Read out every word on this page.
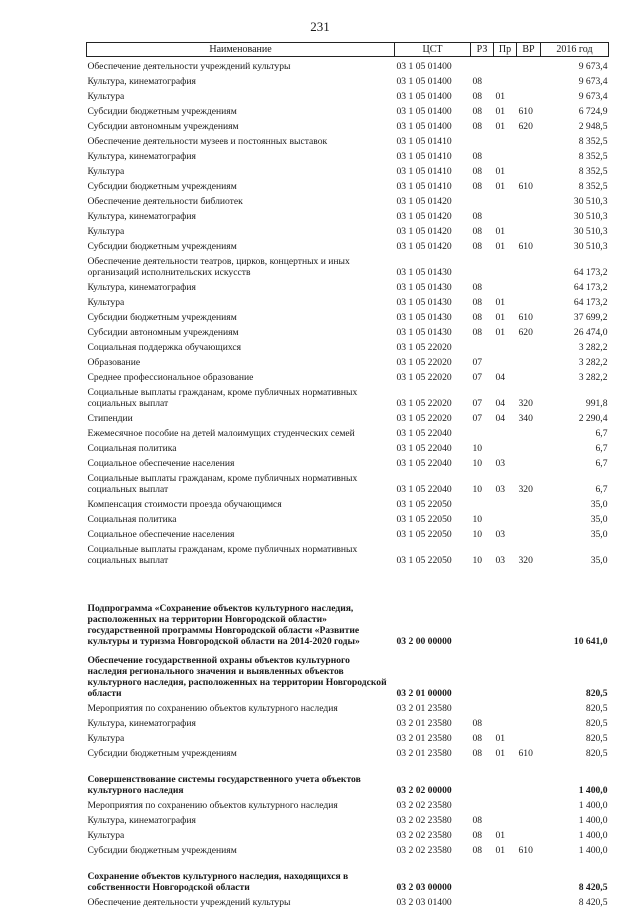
231
Наименование	ЦСТ	РЗ	Пр	ВР	2016 год
Обеспечение деятельности учреждений культуры	03 1 05 01400				9 673,4
Культура, кинематография	03 1 05 01400	08			9 673,4
Культура	03 1 05 01400	08	01		9 673,4
Субсидии бюджетным учреждениям	03 1 05 01400	08	01	610	6 724,9
Субсидии автономным учреждениям	03 1 05 01400	08	01	620	2 948,5
Обеспечение деятельности музеев и постоянных выставок	03 1 05 01410				8 352,5
Культура, кинематография	03 1 05 01410	08			8 352,5
Культура	03 1 05 01410	08	01		8 352,5
Субсидии бюджетным учреждениям	03 1 05 01410	08	01	610	8 352,5
Обеспечение деятельности библиотек	03 1 05 01420				30 510,3
Культура, кинематография	03 1 05 01420	08			30 510,3
Культура	03 1 05 01420	08	01		30 510,3
Субсидии бюджетным учреждениям	03 1 05 01420	08	01	610	30 510,3
Обеспечение деятельности театров, цирков, концертных и иных организаций исполнительских искусств	03 1 05 01430				64 173,2
Культура, кинематография	03 1 05 01430	08			64 173,2
Культура	03 1 05 01430	08	01		64 173,2
Субсидии бюджетным учреждениям	03 1 05 01430	08	01	610	37 699,2
Субсидии автономным учреждениям	03 1 05 01430	08	01	620	26 474,0
Социальная поддержка обучающихся	03 1 05 22020				3 282,2
Образование	03 1 05 22020	07			3 282,2
Среднее профессиональное образование	03 1 05 22020	07	04		3 282,2
Социальные выплаты гражданам, кроме публичных нормативных социальных выплат	03 1 05 22020	07	04	320	991,8
Стипендии	03 1 05 22020	07	04	340	2 290,4
Ежемесячное пособие на детей малоимущих студенческих семей	03 1 05 22040				6,7
Социальная политика	03 1 05 22040	10			6,7
Социальное обеспечение населения	03 1 05 22040	10	03		6,7
Социальные выплаты гражданам, кроме публичных нормативных социальных выплат	03 1 05 22040	10	03	320	6,7
Компенсация стоимости проезда обучающимся	03 1 05 22050				35,0
Социальная политика	03 1 05 22050	10			35,0
Социальное обеспечение населения	03 1 05 22050	10	03		35,0
Социальные выплаты гражданам, кроме публичных нормативных социальных выплат	03 1 05 22050	10	03	320	35,0
Подпрограмма «Сохранение объектов культурного наследия, расположенных на территории Новгородской области» государственной программы Новгородской области «Развитие культуры и туризма Новгородской области на 2014-2020 годы»	03 2 00 00000				10 641,0
Обеспечение государственной охраны объектов культурного наследия регионального значения и выявленных объектов культурного наследия, расположенных на территории Новгородской области	03 2 01 00000				820,5
Мероприятия по сохранению объектов культурного наследия	03 2 01 23580				820,5
Культура, кинематография	03 2 01 23580	08			820,5
Культура	03 2 01 23580	08	01		820,5
Субсидии бюджетным учреждениям	03 2 01 23580	08	01	610	820,5
Совершенствование системы государственного учета объектов культурного наследия	03 2 02 00000				1 400,0
Мероприятия по сохранению объектов культурного наследия	03 2 02 23580				1 400,0
Культура, кинематография	03 2 02 23580	08			1 400,0
Культура	03 2 02 23580	08	01		1 400,0
Субсидии бюджетным учреждениям	03 2 02 23580	08	01	610	1 400,0
Сохранение объектов культурного наследия, находящихся в собственности Новгородской области	03 2 03 00000				8 420,5
Обеспечение деятельности учреждений культуры	03 2 03 01400				8 420,5
